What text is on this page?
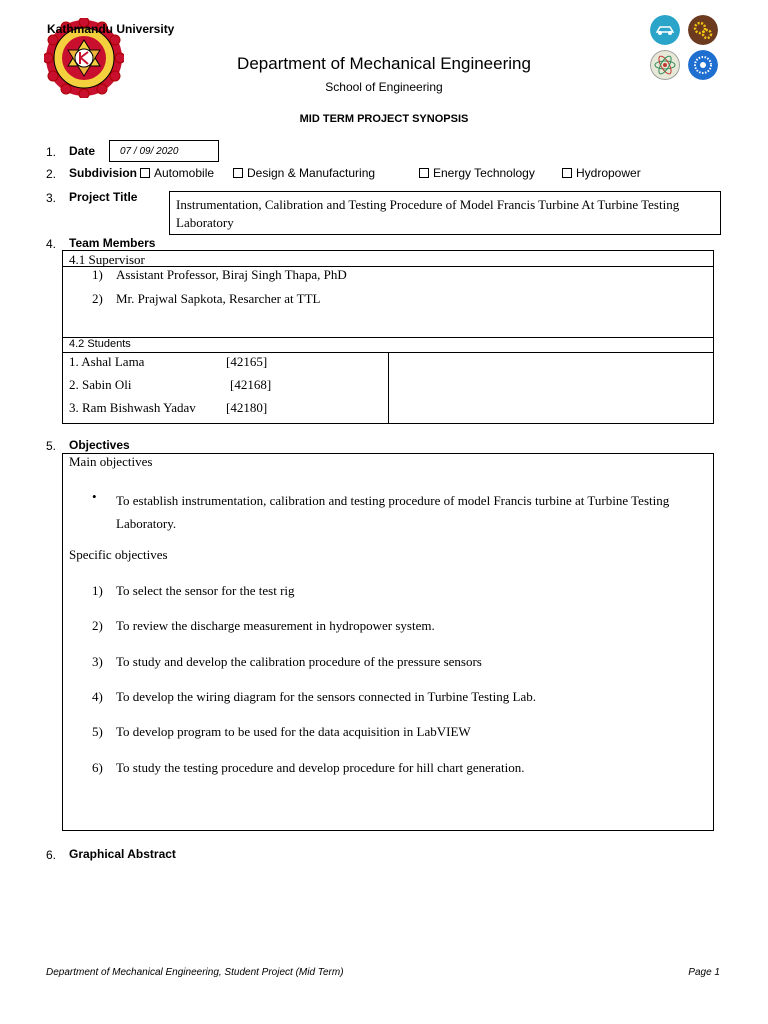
Kathmandu University
Department of Mechanical Engineering
School of Engineering
MID TERM PROJECT SYNOPSIS
1. Date 07 / 09/ 2020
2. Subdivision	Automobile	Design & Manufacturing	Energy Technology	Hydropower
3. Project Title	Instrumentation, Calibration and Testing Procedure of Model Francis Turbine At Turbine Testing Laboratory
4. Team Members
4.1 Supervisor
1) Assistant Professor, Biraj Singh Thapa, PhD
2) Mr. Prajwal Sapkota, Resarcher at TTL
4.2 Students
1. Ashal Lama	[42165]
2. Sabin Oli	[42168]
3. Ram Bishwash Yadav [42180]
5. Objectives
Main objectives
• To establish instrumentation, calibration and testing procedure of model Francis turbine at Turbine Testing Laboratory.
Specific objectives
1) To select the sensor for the test rig
2) To review the discharge measurement in hydropower system.
3) To study and develop the calibration procedure of the pressure sensors
4) To develop the wiring diagram for the sensors connected in Turbine Testing Lab.
5) To develop program to be used for the data acquisition in LabVIEW
6) To study the testing procedure and develop procedure for hill chart generation.
6. Graphical Abstract
Department of Mechanical Engineering, Student Project (Mid Term)	Page 1
